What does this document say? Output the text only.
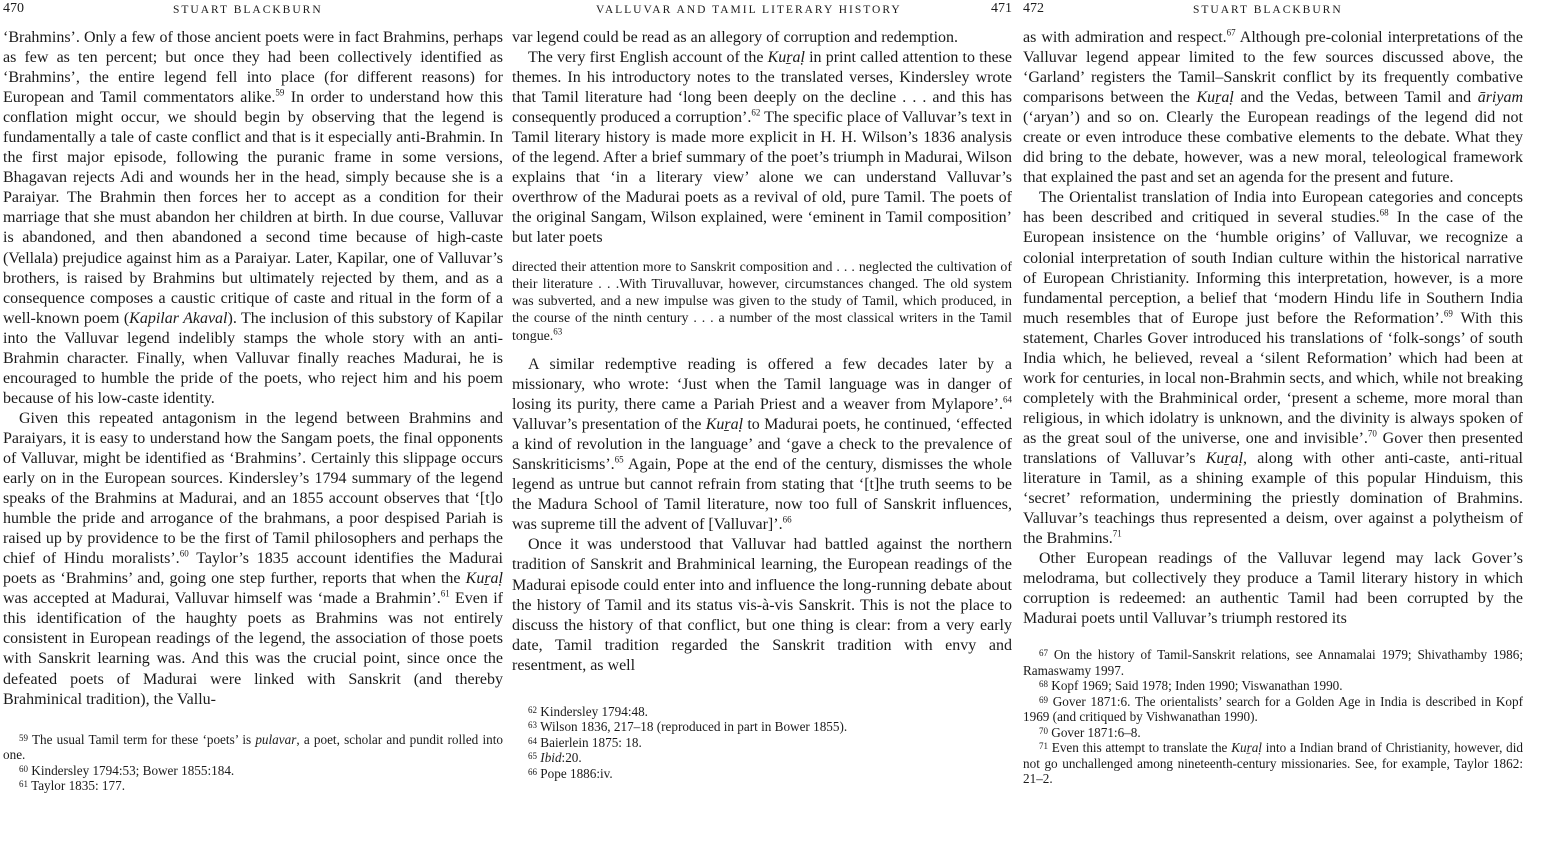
470	STUART BLACKBURN

‘Brahmins’. Only a few of those ancient poets were in fact Brahmins, perhaps as few as ten percent; but once they had been collectively identified as ‘Brahmins’, the entire legend fell into place (for different reasons) for European and Tamil commentators alike.$^{59}$ In order to understand how this conflation might occur, we should begin by observing that the legend is fundamentally a tale of caste conflict and that is it especially anti-Brahmin. In the first major episode, following the puranic frame in some versions, Bhagavan rejects Adi and wounds her in the head, simply because she is a Paraiyar. The Brahmin then forces her to accept as a condition for their marriage that she must abandon her children at birth. In due course, Valluvar is abandoned, and then abandoned a second time because of high-caste (Vellala) prejudice against him as a Paraiyar. Later, Kapilar, one of Valluvar’s brothers, is raised by Brahmins but ultimately rejected by them, and as a consequence composes a caustic critique of caste and ritual in the form of a well-known poem (Kapilar Akaval). The inclusion of this substory of Kapilar into the Valluvar legend indelibly stamps the whole story with an anti-Brahmin character. Finally, when Valluvar finally reaches Madurai, he is encouraged to humble the pride of the poets, who reject him and his poem because of his low-caste identity.

Given this repeated antagonism in the legend between Brahmins and Paraiyars, it is easy to understand how the Sangam poets, the final opponents of Valluvar, might be identified as ‘Brahmins’. Certainly this slippage occurs early on in the European sources. Kindersley’s 1794 summary of the legend speaks of the Brahmins at Madurai, and an 1855 account observes that ‘[t]o humble the pride and arrogance of the brahmans, a poor despised Pariah is raised up by providence to be the first of Tamil philosophers and perhaps the chief of Hindu moralists’.$^{60}$ Taylor’s 1835 account identifies the Madurai poets as ‘Brahmins’ and, going one step further, reports that when the Kuṟaḷ was accepted at Madurai, Valluvar himself was ‘made a Brahmin’.$^{61}$ Even if this identification of the haughty poets as Brahmins was not entirely consistent in European readings of the legend, the association of those poets with Sanskrit learning was. And this was the crucial point, since once the defeated poets of Madurai were linked with Sanskrit (and thereby Brahminical tradition), the Vallu-

$^{59}$ The usual Tamil term for these ‘poets’ is pulavar, a poet, scholar and pundit rolled into one.

$^{60}$ Kindersley 1794:53; Bower 1855:184.

$^{61}$ Taylor 1835: 177.

VALLUVAR AND TAMIL LITERARY HISTORY	471

var legend could be read as an allegory of corruption and redemption.

The very first English account of the Kuṟaḷ in print called attention to these themes. In his introductory notes to the translated verses, Kindersley wrote that Tamil literature had ‘long been deeply on the decline . . . and this has consequently produced a corruption’.$^{62}$ The specific place of Valluvar’s text in Tamil literary history is made more explicit in H. H. Wilson’s 1836 analysis of the legend. After a brief summary of the poet’s triumph in Madurai, Wilson explains that ‘in a literary view’ alone we can understand Valluvar’s overthrow of the Madurai poets as a revival of old, pure Tamil. The poets of the original Sangam, Wilson explained, were ‘eminent in Tamil composition’ but later poets

directed their attention more to Sanskrit composition and . . . neglected the cultivation of their literature . . .With Tiruvalluvar, however, circumstances changed. The old system was subverted, and a new impulse was given to the study of Tamil, which produced, in the course of the ninth century . . . a number of the most classical writers in the Tamil tongue.$^{63}$

A similar redemptive reading is offered a few decades later by a missionary, who wrote: ‘Just when the Tamil language was in danger of losing its purity, there came a Pariah Priest and a weaver from Mylapore’.$^{64}$ Valluvar’s presentation of the Kuṟaḷ to Madurai poets, he continued, ‘effected a kind of revolution in the language’ and ‘gave a check to the prevalence of Sanskriticisms’.$^{65}$ Again, Pope at the end of the century, dismisses the whole legend as untrue but cannot refrain from stating that ‘[t]he truth seems to be the Madura School of Tamil literature, now too full of Sanskrit influences, was supreme till the advent of [Valluvar]’.$^{66}$

Once it was understood that Valluvar had battled against the northern tradition of Sanskrit and Brahminical learning, the European readings of the Madurai episode could enter into and influence the long-running debate about the history of Tamil and its status vis-à-vis Sanskrit. This is not the place to discuss the history of that conflict, but one thing is clear: from a very early date, Tamil tradition regarded the Sanskrit tradition with envy and resentment, as well

$^{62}$ Kindersley 1794:48.

$^{63}$ Wilson 1836, 217–18 (reproduced in part in Bower 1855).

$^{64}$ Baierlein 1875: 18.

$^{65}$ Ibid:20.

$^{66}$ Pope 1886:iv.

472	STUART BLACKBURN

as with admiration and respect.$^{67}$ Although pre-colonial interpretations of the Valluvar legend appear limited to the few sources discussed above, the ‘Garland’ registers the Tamil–Sanskrit conflict by its frequently combative comparisons between the Kuṟaḷ and the Vedas, between Tamil and āriyam (‘aryan’) and so on. Clearly the European readings of the legend did not create or even introduce these combative elements to the debate. What they did bring to the debate, however, was a new moral, teleological framework that explained the past and set an agenda for the present and future.

The Orientalist translation of India into European categories and concepts has been described and critiqued in several studies.$^{68}$ In the case of the European insistence on the ‘humble origins’ of Valluvar, we recognize a colonial interpretation of south Indian culture within the historical narrative of European Christianity. Informing this interpretation, however, is a more fundamental perception, a belief that ‘modern Hindu life in Southern India much resembles that of Europe just before the Reformation’.$^{69}$ With this statement, Charles Gover introduced his translations of ‘folk-songs’ of south India which, he believed, reveal a ‘silent Reformation’ which had been at work for centuries, in local non-Brahmin sects, and which, while not breaking completely with the Brahminical order, ‘present a scheme, more moral than religious, in which idolatry is unknown, and the divinity is always spoken of as the great soul of the universe, one and invisible’.$^{70}$ Gover then presented translations of Valluvar’s Kuṟaḷ, along with other anti-caste, anti-ritual literature in Tamil, as a shining example of this popular Hinduism, this ‘secret’ reformation, undermining the priestly domination of Brahmins. Valluvar’s teachings thus represented a deism, over against a polytheism of the Brahmins.$^{71}$

Other European readings of the Valluvar legend may lack Gover’s melodrama, but collectively they produce a Tamil literary history in which corruption is redeemed: an authentic Tamil had been corrupted by the Madurai poets until Valluvar’s triumph restored its

$^{67}$ On the history of Tamil-Sanskrit relations, see Annamalai 1979; Shivathamby 1986; Ramaswamy 1997.

$^{68}$ Kopf 1969; Said 1978; Inden 1990; Viswanathan 1990.

$^{69}$ Gover 1871:6. The orientalists’ search for a Golden Age in India is described in Kopf 1969 (and critiqued by Vishwanathan 1990).

$^{70}$ Gover 1871:6–8.

$^{71}$ Even this attempt to translate the Kuṟaḷ into a Indian brand of Christianity, however, did not go unchallenged among nineteenth-century missionaries. See, for example, Taylor 1862: 21–2.
